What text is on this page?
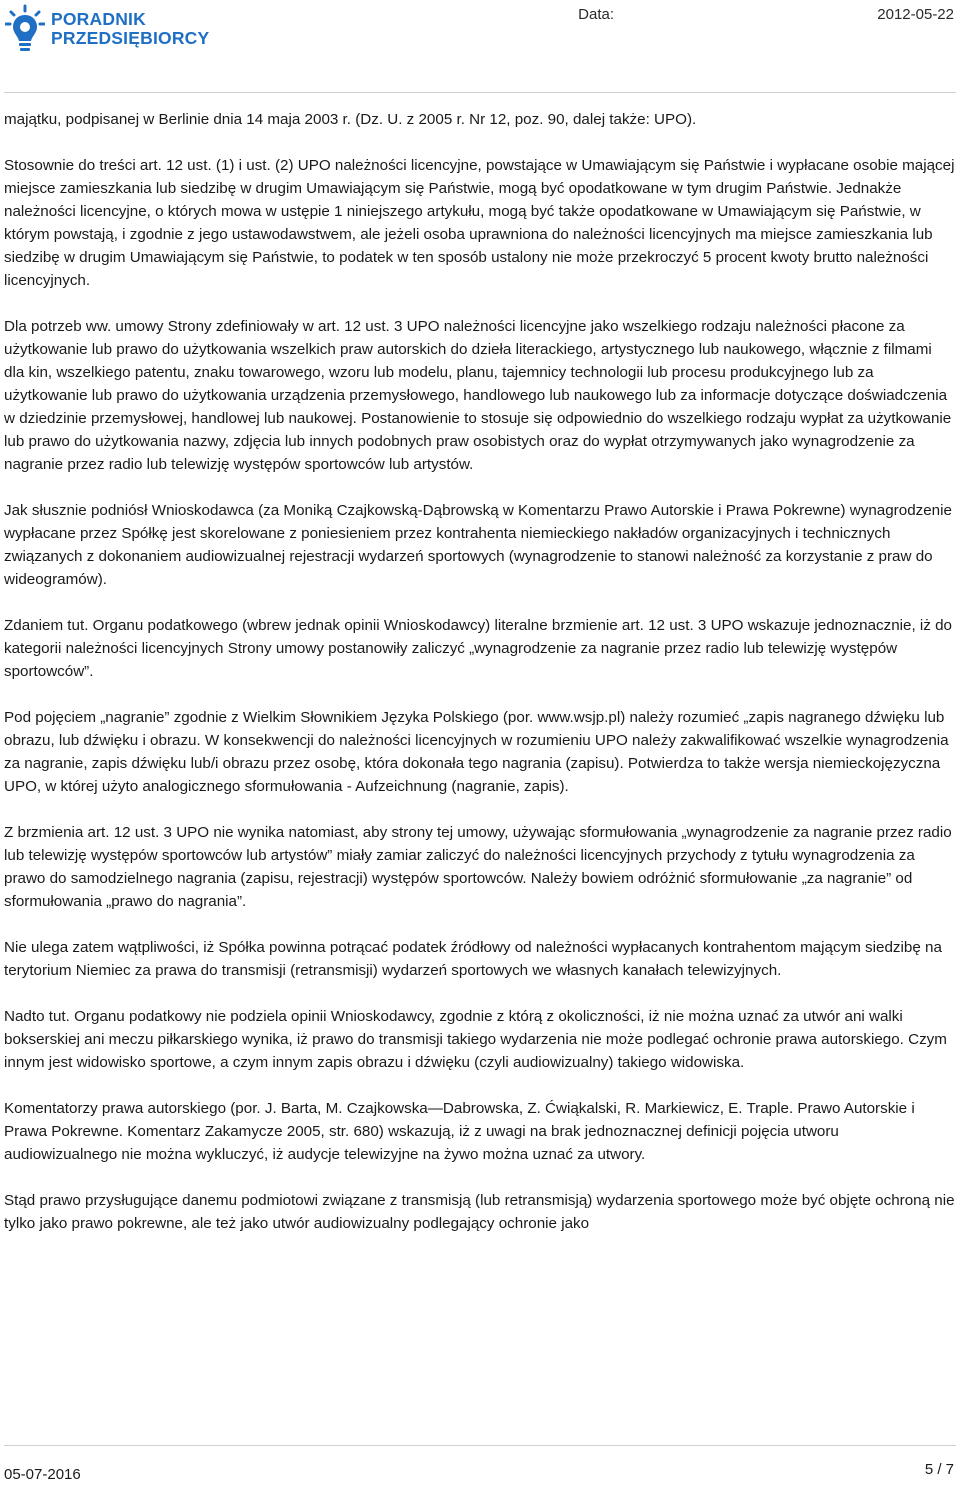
PORADNIK
PRZEDSIĘBIORCY
Data:	2012-05-22

majątku, podpisanej w Berlinie dnia 14 maja 2003 r. (Dz. U. z 2005 r. Nr 12, poz. 90, dalej także: UPO).

Stosownie do treści art. 12 ust. (1) i ust. (2) UPO należności licencyjne, powstające w Umawiającym się Państwie i wypłacane osobie mającej miejsce zamieszkania lub siedzibę w drugim Umawiającym się Państwie, mogą być opodatkowane w tym drugim Państwie. Jednakże należności licencyjne, o których mowa w ustępie 1 niniejszego artykułu, mogą być także opodatkowane w Umawiającym się Państwie, w którym powstają, i zgodnie z jego ustawodawstwem, ale jeżeli osoba uprawniona do należności licencyjnych ma miejsce zamieszkania lub siedzibę w drugim Umawiającym się Państwie, to podatek w ten sposób ustalony nie może przekroczyć 5 procent kwoty brutto należności licencyjnych.

Dla potrzeb ww. umowy Strony zdefiniowały w art. 12 ust. 3 UPO należności licencyjne jako wszelkiego rodzaju należności płacone za użytkowanie lub prawo do użytkowania wszelkich praw autorskich do dzieła literackiego, artystycznego lub naukowego, włącznie z filmami dla kin, wszelkiego patentu, znaku towarowego, wzoru lub modelu, planu, tajemnicy technologii lub procesu produkcyjnego lub za użytkowanie lub prawo do użytkowania urządzenia przemysłowego, handlowego lub naukowego lub za informacje dotyczące doświadczenia w dziedzinie przemysłowej, handlowej lub naukowej. Postanowienie to stosuje się odpowiednio do wszelkiego rodzaju wypłat za użytkowanie lub prawo do użytkowania nazwy, zdjęcia lub innych podobnych praw osobistych oraz do wypłat otrzymywanych jako wynagrodzenie za nagranie przez radio lub telewizję występów sportowców lub artystów.

Jak słusznie podniósł Wnioskodawca (za Moniką Czajkowską-Dąbrowską w Komentarzu Prawo Autorskie i Prawa Pokrewne) wynagrodzenie wypłacane przez Spółkę jest skorelowane z poniesieniem przez kontrahenta niemieckiego nakładów organizacyjnych i technicznych związanych z dokonaniem audiowizualnej rejestracji wydarzeń sportowych (wynagrodzenie to stanowi należność za korzystanie z praw do wideogramów).

Zdaniem tut. Organu podatkowego (wbrew jednak opinii Wnioskodawcy) literalne brzmienie art. 12 ust. 3 UPO wskazuje jednoznacznie, iż do kategorii należności licencyjnych Strony umowy postanowiły zaliczyć „wynagrodzenie za nagranie przez radio lub telewizję występów sportowców”.

Pod pojęciem „nagranie” zgodnie z Wielkim Słownikiem Języka Polskiego (por. www.wsjp.pl) należy rozumieć „zapis nagranego dźwięku lub obrazu, lub dźwięku i obrazu. W konsekwencji do należności licencyjnych w rozumieniu UPO należy zakwalifikować wszelkie wynagrodzenia za nagranie, zapis dźwięku lub/i obrazu przez osobę, która dokonała tego nagrania (zapisu). Potwierdza to także wersja niemieckojęzyczna UPO, w której użyto analogicznego sformułowania - Aufzeichnung (nagranie, zapis).

Z brzmienia art. 12 ust. 3 UPO nie wynika natomiast, aby strony tej umowy, używając sformułowania „wynagrodzenie za nagranie przez radio lub telewizję występów sportowców lub artystów” miały zamiar zaliczyć do należności licencyjnych przychody z tytułu wynagrodzenia za prawo do samodzielnego nagrania (zapisu, rejestracji) występów sportowców. Należy bowiem odróżnić sformułowanie „za nagranie” od sformułowania „prawo do nagrania”.

Nie ulega zatem wątpliwości, iż Spółka powinna potrącać podatek źródłowy od należności wypłacanych kontrahentom mającym siedzibę na terytorium Niemiec za prawa do transmisji (retransmisji) wydarzeń sportowych we własnych kanałach telewizyjnych.

Nadto tut. Organu podatkowy nie podziela opinii Wnioskodawcy, zgodnie z którą z okoliczności, iż nie można uznać za utwór ani walki bokserskiej ani meczu piłkarskiego wynika, iż prawo do transmisji takiego wydarzenia nie może podlegać ochronie prawa autorskiego. Czym innym jest widowisko sportowe, a czym innym zapis obrazu i dźwięku (czyli audiowizualny) takiego widowiska.

Komentatorzy prawa autorskiego (por. J. Barta, M. Czajkowska—Dabrowska, Z. Ćwiąkalski, R. Markiewicz, E. Traple. Prawo Autorskie i Prawa Pokrewne. Komentarz Zakamycze 2005, str. 680) wskazują, iż z uwagi na brak jednoznacznej definicji pojęcia utworu audiowizualnego nie można wykluczyć, iż audycje telewizyjne na żywo można uznać za utwory.

Stąd prawo przysługujące danemu podmiotowi związane z transmisją (lub retransmisją) wydarzenia sportowego może być objęte ochroną nie tylko jako prawo pokrewne, ale też jako utwór audiowizualny podlegający ochronie jako

05-07-2016	5 / 7
